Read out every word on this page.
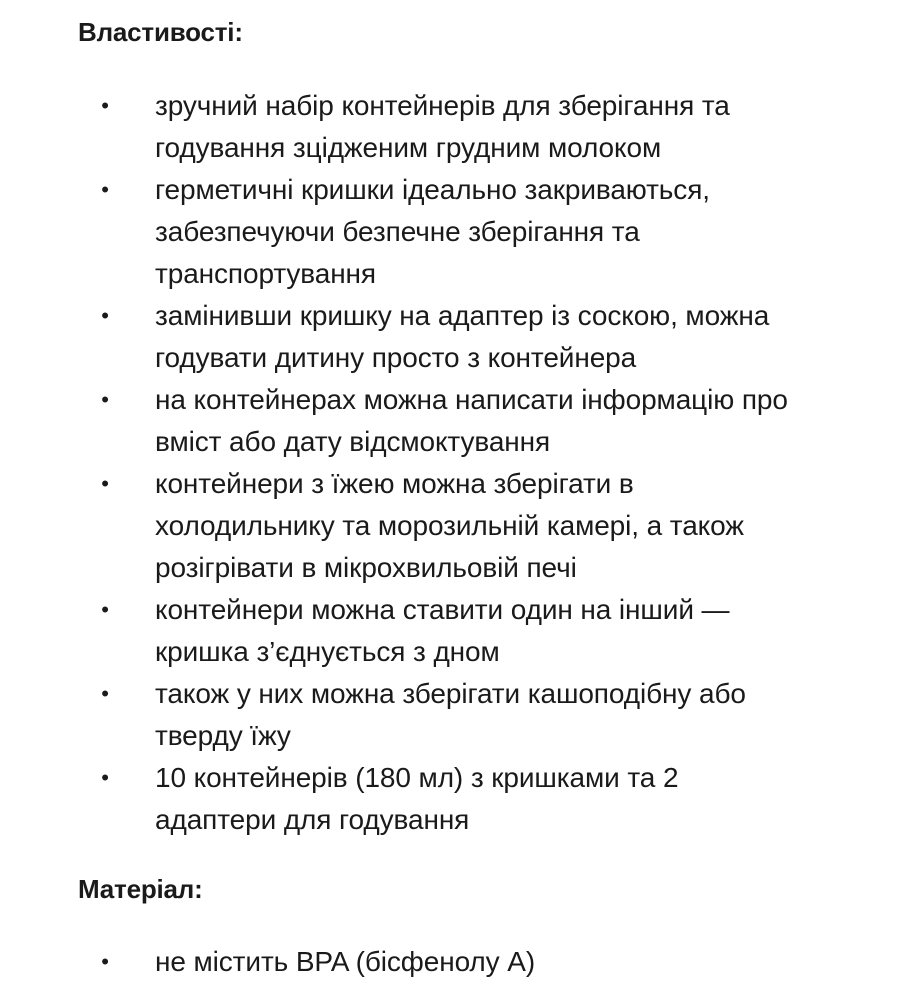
Властивості:
• зручний набір контейнерів для зберігання та годування зцідженим грудним молоком
• герметичні кришки ідеально закриваються, забезпечуючи безпечне зберігання та транспортування
• замінивши кришку на адаптер із соскою, можна годувати дитину просто з контейнера
• на контейнерах можна написати інформацію про вміст або дату відсмоктування
• контейнери з їжею можна зберігати в холодильнику та морозильній камері, а також розігрівати в мікрохвильовій печі
• контейнери можна ставити один на інший — кришка з’єднується з дном
• також у них можна зберігати кашоподібну або тверду їжу
• 10 контейнерів (180 мл) з кришками та 2 адаптери для годування
Матеріал:
• не містить BPA (бісфенолу А)
